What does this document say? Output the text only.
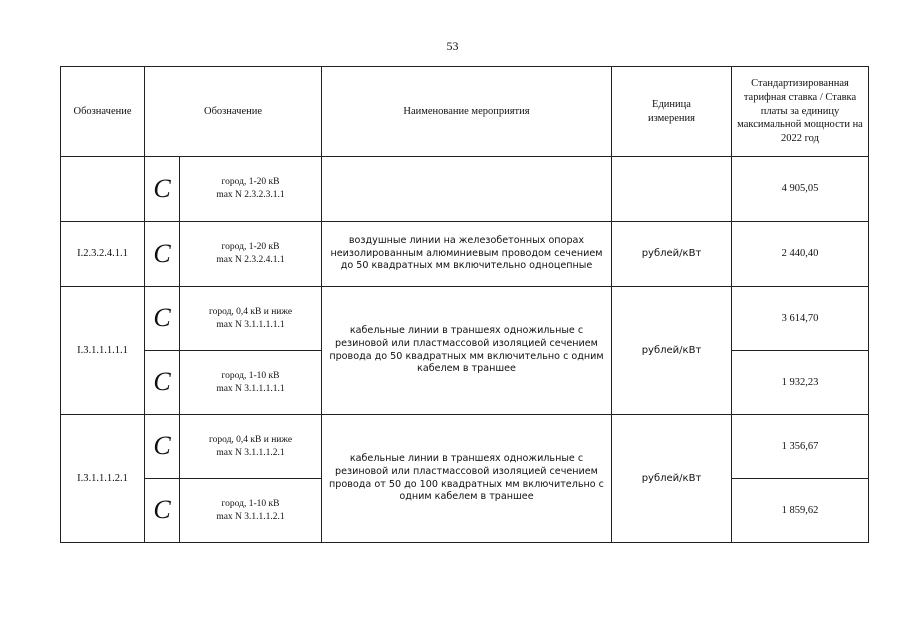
53
Обозначение	Обозначение		Наименование мероприятия	Единица измерения	Стандартизированная тарифная ставка / Ставка платы за единицу максимальной мощности на 2022 год
	C	город, 1-20 кВ
max N 2.3.2.3.1.1			4 905,05
I.2.3.2.4.1.1	C	город, 1-20 кВ
max N 2.3.2.4.1.1	воздушные линии на железобетонных опорах неизолированным алюминиевым проводом сечением до 50 квадратных мм включительно одноцепные	рублей/кВт	2 440,40
I.3.1.1.1.1.1	C	город, 0,4 кВ и ниже
max N 3.1.1.1.1.1	кабельные линии в траншеях одножильные с резиновой или пластмассовой изоляцией сечением провода до 50 квадратных мм включительно с одним кабелем в траншее	рублей/кВт	3 614,70
	C	город, 1-10 кВ
max N 3.1.1.1.1.1			1 932,23
I.3.1.1.1.2.1	C	город, 0,4 кВ и ниже
max N 3.1.1.1.2.1	кабельные линии в траншеях одножильные с резиновой или пластмассовой изоляцией сечением провода от 50 до 100 квадратных мм включительно с одним кабелем в траншее	рублей/кВт	1 356,67
	C	город, 1-10 кВ
max N 3.1.1.1.2.1			1 859,62
